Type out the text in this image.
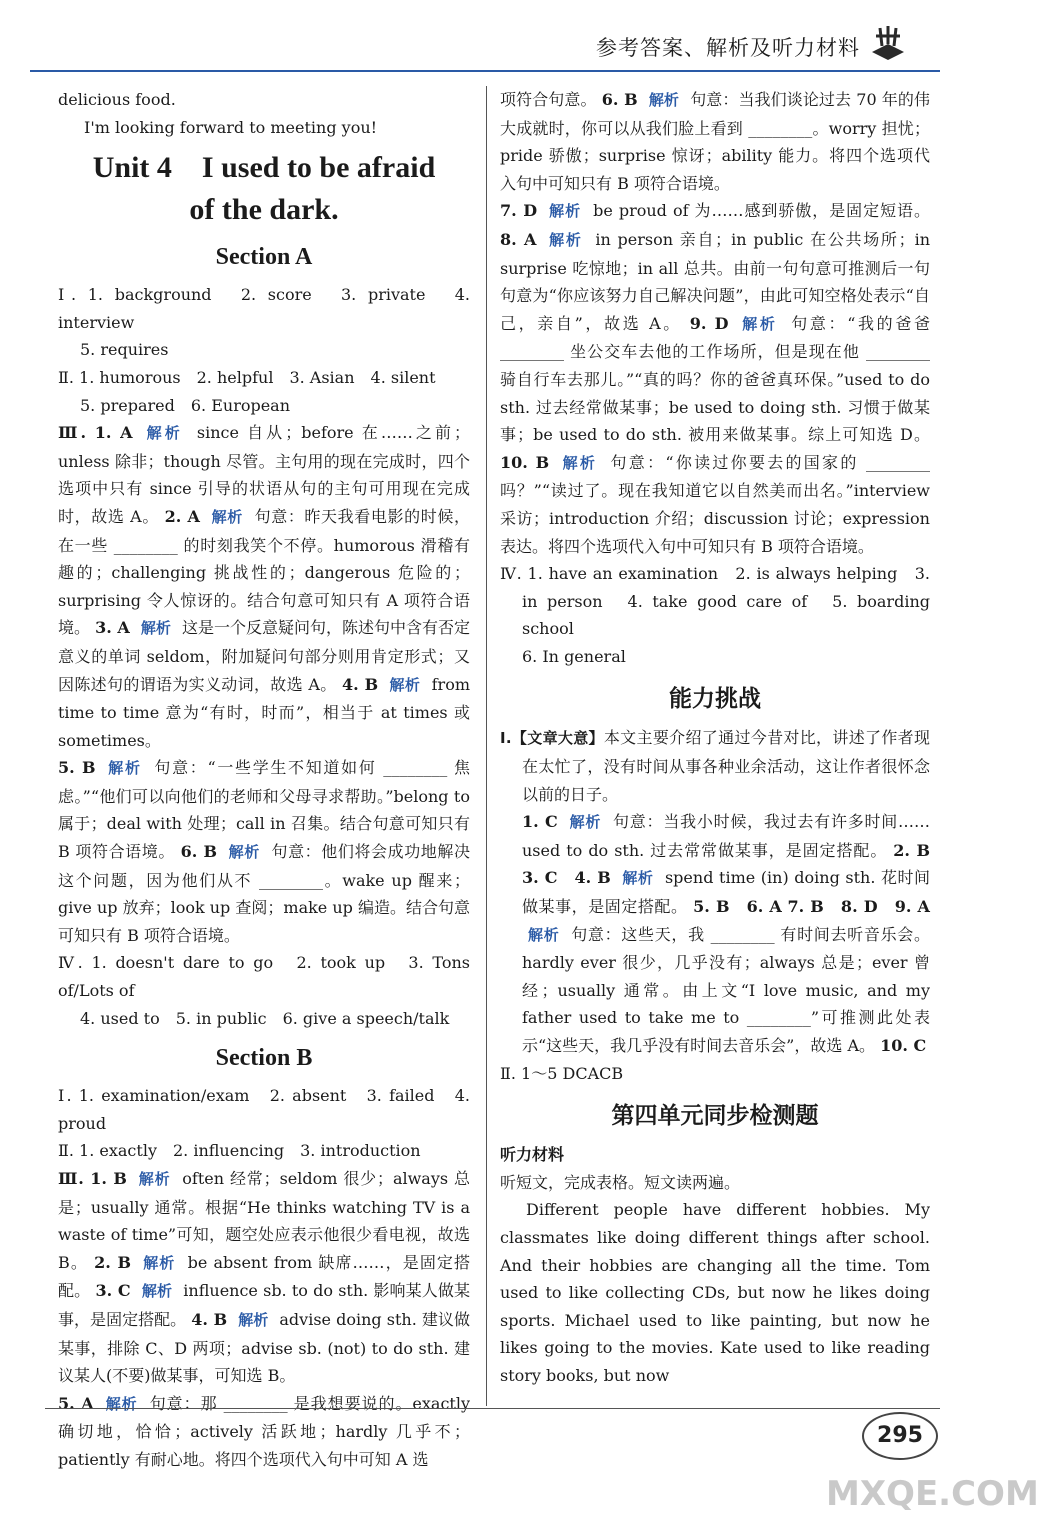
参考答案、解析及听力材料

delicious food.

I'm looking forward to meeting you!

Unit 4　I used to be afraid
of the dark.
Section A

Ⅰ. 1. background　2. score　3. private　4. interview

5. requires

Ⅱ. 1. humorous　2. helpful　3. Asian　4. silent

5. prepared　6. European

Ⅲ. 1. A 解析 since 自从；before 在……之前；unless 除非；though 尽管。主句用的现在完成时，四个选项中只有 since 引导的状语从句的主句可用现在完成时，故选 A。 2. A 解析 句意：昨天我看电影的时候，在一些 ________ 的时刻我笑个不停。humorous 滑稽有趣的；challenging 挑战性的；dangerous 危险的；surprising 令人惊讶的。结合句意可知只有 A 项符合语境。 3. A 解析 这是一个反意疑问句，陈述句中含有否定意义的单词 seldom，附加疑问句部分则用肯定形式；又因陈述句的谓语为实义动词，故选 A。 4. B 解析 from time to time 意为“有时，时而”，相当于 at times 或 sometimes。

5. B 解析 句意：“一些学生不知道如何 ________ 焦虑。”“他们可以向他们的老师和父母寻求帮助。”belong to 属于；deal with 处理；call in 召集。结合句意可知只有 B 项符合语境。 6. B 解析 句意：他们将会成功地解决这个问题，因为他们从不 ________。wake up 醒来；give up 放弃；look up 查阅；make up 编造。结合句意可知只有 B 项符合语境。

Ⅳ. 1. doesn't dare to go　2. took up　3. Tons of/Lots of

4. used to　5. in public　6. give a speech/talk

Section B

Ⅰ. 1. examination/exam　2. absent　3. failed　4. proud

Ⅱ. 1. exactly　2. influencing　3. introduction

Ⅲ. 1. B 解析 often 经常；seldom 很少；always 总是；usually 通常。根据“He thinks watching TV is a waste of time”可知，题空处应表示他很少看电视，故选 B。 2. B 解析 be absent from 缺席……，是固定搭配。 3. C 解析 influence sb. to do sth. 影响某人做某事，是固定搭配。 4. B 解析 advise doing sth. 建议做某事，排除 C、D 两项；advise sb. (not) to do sth. 建议某人(不要)做某事，可知选 B。

5. A 解析 句意：那 ________ 是我想要说的。exactly 确切地，恰恰；actively 活跃地；hardly 几乎不；patiently 有耐心地。将四个选项代入句中可知 A 选

项符合句意。 6. B 解析 句意：当我们谈论过去 70 年的伟大成就时，你可以从我们脸上看到 ________。worry 担忧；pride 骄傲；surprise 惊讶；ability 能力。将四个选项代入句中可知只有 B 项符合语境。

7. D 解析 be proud of 为……感到骄傲，是固定短语。 8. A 解析 in person 亲自；in public 在公共场所；in surprise 吃惊地；in all 总共。由前一句句意可推测后一句句意为“你应该努力自己解决问题”，由此可知空格处表示“自己，亲自”，故选 A。 9. D 解析 句意：“我的爸爸 ________ 坐公交车去他的工作场所，但是现在他 ________ 骑自行车去那儿。”“真的吗？你的爸爸真环保。”used to do sth. 过去经常做某事；be used to doing sth. 习惯于做某事；be used to do sth. 被用来做某事。综上可知选 D。 10. B 解析 句意：“你读过你要去的国家的 ________ 吗？”“读过了。现在我知道它以自然美而出名。”interview 采访；introduction 介绍；discussion 讨论；expression 表达。将四个选项代入句中可知只有 B 项符合语境。

Ⅳ. 1. have an examination　2. is always helping　3. in person　4. take good care of　5. boarding school

6. In general

能力挑战

Ⅰ.【文章大意】本文主要介绍了通过今昔对比，讲述了作者现在太忙了，没有时间从事各种业余活动，这让作者很怀念以前的日子。

1. C 解析 句意：当我小时候，我过去有许多时间…… used to do sth. 过去常常做某事，是固定搭配。 2. B　3. C　4. B 解析 spend time (in) doing sth. 花时间做某事，是固定搭配。 5. B　6. A 7. B　8. D　9. A 解析 句意：这些天，我 ________ 有时间去听音乐会。hardly ever 很少，几乎没有；always 总是；ever 曾经；usually 通常。由上文“I love music, and my father used to take me to ________”可推测此处表示“这些天，我几乎没有时间去音乐会”，故选 A。 10. C

Ⅱ. 1～5 DCACB

第四单元同步检测题

听力材料

听短文，完成表格。短文读两遍。

Different people have different hobbies. My classmates like doing different things after school. And their hobbies are changing all the time. Tom used to like collecting CDs, but now he likes doing sports. Michael used to like painting, but now he likes going to the movies. Kate used to like reading story books, but now

295
MXQE.COM
